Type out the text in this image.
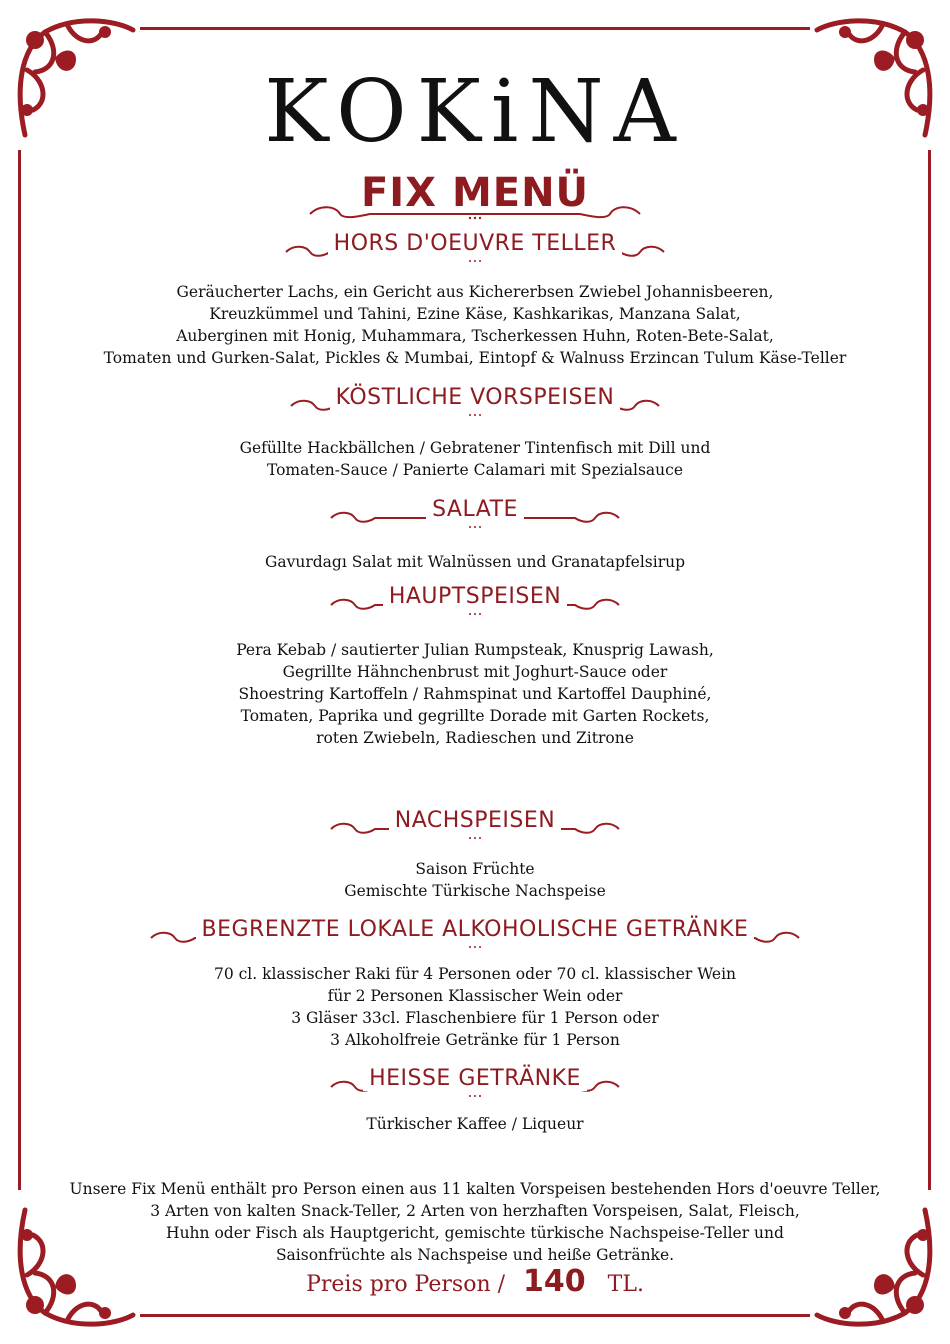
KOKiNA
FIX MENÜ
HORS D'OEUVRE TELLER
Geräucherter Lachs, ein Gericht aus Kichererbsen Zwiebel Johannisbeeren,
Kreuzkümmel und Tahini, Ezine Käse, Kashkarikas, Manzana Salat,
Auberginen mit Honig, Muhammara, Tscherkessen Huhn, Roten-Bete-Salat,
Tomaten und Gurken-Salat, Pickles & Mumbai, Eintopf & Walnuss Erzincan Tulum Käse-Teller
KÖSTLICHE VORSPEISEN
Gefüllte Hackbällchen / Gebratener Tintenfisch mit Dill und
Tomaten-Sauce / Panierte Calamari mit Spezialsauce
SALATE
Gavurdagı Salat mit Walnüssen und Granatapfelsirup
HAUPTSPEISEN
Pera Kebab / sautierter Julian Rumpsteak, Knusprig Lawash,
Gegrillte Hähnchenbrust mit Joghurt-Sauce oder
Shoestring Kartoffeln / Rahmspinat und Kartoffel Dauphiné,
Tomaten, Paprika und gegrillte Dorade mit Garten Rockets,
roten Zwiebeln, Radieschen und Zitrone
NACHSPEISEN
Saison Früchte
Gemischte Türkische Nachspeise
BEGRENZTE LOKALE ALKOHOLISCHE GETRÄNKE
70 cl. klassischer Raki für 4 Personen oder 70 cl. klassischer Wein
für 2 Personen Klassischer Wein oder
3 Gläser 33cl. Flaschenbiere für 1 Person oder
3 Alkoholfreie Getränke für 1 Person
HEISSE GETRÄNKE
Türkischer Kaffee / Liqueur
Unsere Fix Menü enthält pro Person einen aus 11 kalten Vorspeisen bestehenden Hors d'oeuvre Teller,
3 Arten von kalten Snack-Teller, 2 Arten von herzhaften Vorspeisen, Salat, Fleisch,
Huhn oder Fisch als Hauptgericht, gemischte türkische Nachspeise-Teller und
Saisonfrüchte als Nachspeise und heiße Getränke.
Preis pro Person / 140 TL.
